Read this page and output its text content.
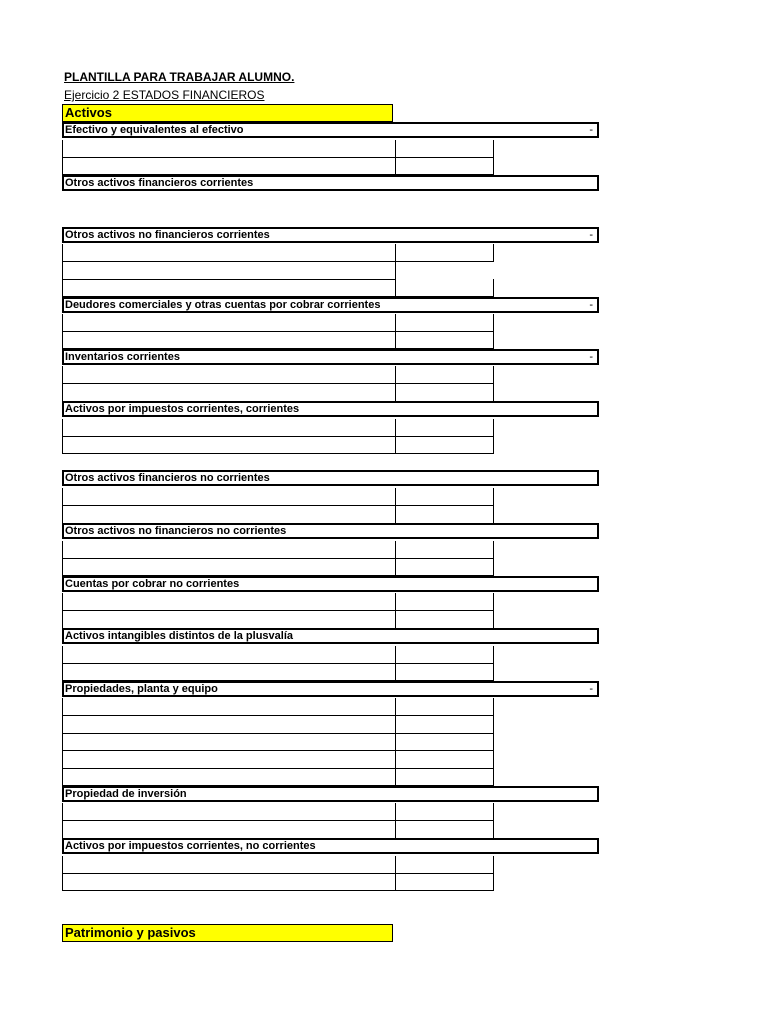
PLANTILLA PARA TRABAJAR ALUMNO.
Ejercicio 2 ESTADOS FINANCIEROS
Activos
Efectivo y equivalentes al efectivo	-
Otros activos financieros corrientes
Otros activos no financieros corrientes	-
Deudores comerciales y otras cuentas por cobrar corrientes	-
Inventarios corrientes	-
Activos por impuestos corrientes, corrientes
Otros activos financieros no corrientes
Otros activos no financieros no corrientes
Cuentas por cobrar no corrientes
Activos intangibles distintos de la plusvalía
Propiedades, planta y equipo	-
Propiedad de inversión
Activos por impuestos corrientes, no corrientes
Patrimonio y pasivos
